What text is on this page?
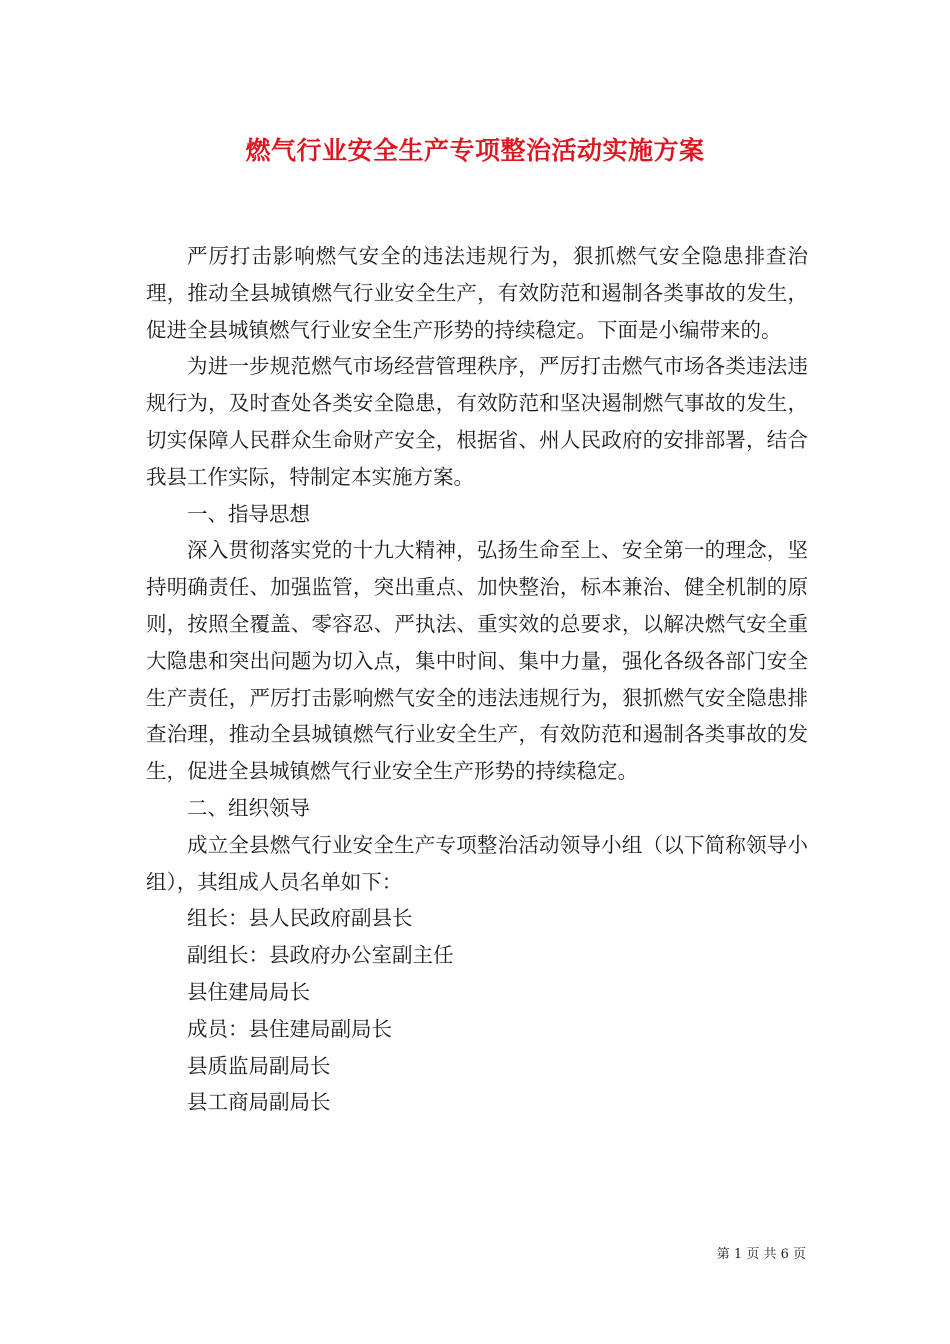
燃气行业安全生产专项整治活动实施方案

严厉打击影响燃气安全的违法违规行为，狠抓燃气安全隐患排查治理，推动全县城镇燃气行业安全生产，有效防范和遏制各类事故的发生，促进全县城镇燃气行业安全生产形势的持续稳定。下面是小编带来的。

为进一步规范燃气市场经营管理秩序，严厉打击燃气市场各类违法违规行为，及时查处各类安全隐患，有效防范和坚决遏制燃气事故的发生，切实保障人民群众生命财产安全，根据省、州人民政府的安排部署，结合我县工作实际，特制定本实施方案。

一、指导思想

深入贯彻落实党的十九大精神，弘扬生命至上、安全第一的理念，坚持明确责任、加强监管，突出重点、加快整治，标本兼治、健全机制的原则，按照全覆盖、零容忍、严执法、重实效的总要求，以解决燃气安全重大隐患和突出问题为切入点，集中时间、集中力量，强化各级各部门安全生产责任，严厉打击影响燃气安全的违法违规行为，狠抓燃气安全隐患排查治理，推动全县城镇燃气行业安全生产，有效防范和遏制各类事故的发生，促进全县城镇燃气行业安全生产形势的持续稳定。

二、组织领导

成立全县燃气行业安全生产专项整治活动领导小组（以下简称领导小组），其组成人员名单如下：

组长：县人民政府副县长

副组长：县政府办公室副主任

县住建局局长

成员：县住建局副局长

县质监局副局长

县工商局副局长

第 1 页 共 6 页
